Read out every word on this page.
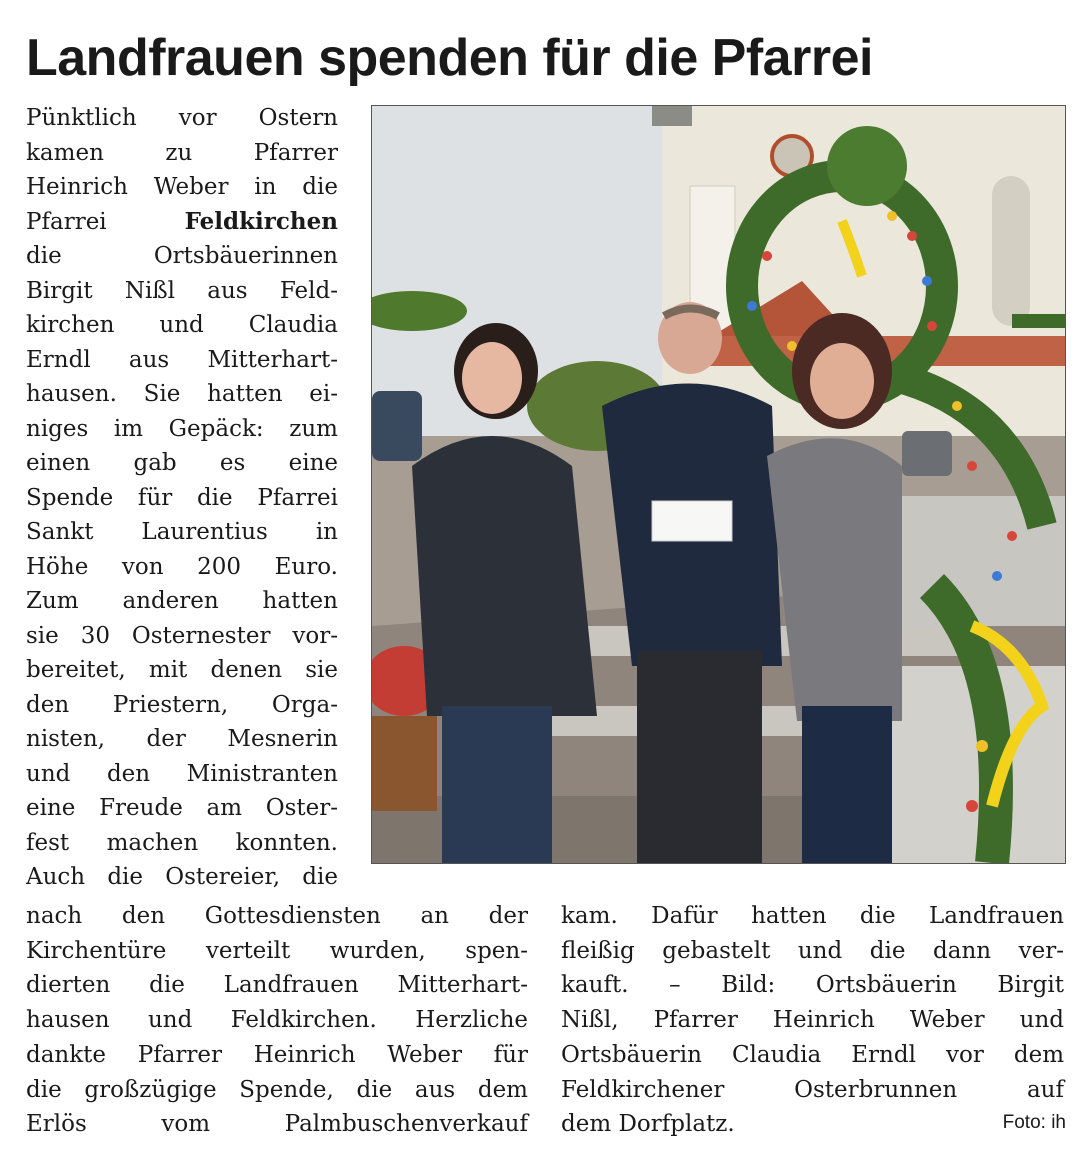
Landfrauen spenden für die Pfarrei
Pünktlich vor Ostern
kamen zu Pfarrer
Heinrich Weber in die
Pfarrei	Feldkirchen
die Ortsbäuerinnen
Birgit Nißl aus Feld-
kirchen und Claudia
Erndl aus Mitterhart-
hausen. Sie hatten ei-
niges im Gepäck: zum
einen gab es eine
Spende für die Pfarrei
Sankt Laurentius in
Höhe von 200 Euro.
Zum anderen hatten
sie 30 Osternester vor-
bereitet, mit denen sie
den Priestern, Orga-
nisten, der Mesnerin
und den Ministranten
eine Freude am Oster-
fest machen konnten.
Auch die Ostereier, die
nach den Gottesdiensten an der
Kirchentüre verteilt wurden, spen-
dierten die Landfrauen Mitterhart-
hausen und Feldkirchen. Herzliche
dankte Pfarrer Heinrich Weber für
die großzügige Spende, die aus dem
Erlös vom Palmbuschenverkauf
kam. Dafür hatten die Landfrauen
fleißig gebastelt und die dann ver-
kauft. – Bild: Ortsbäuerin Birgit
Nißl, Pfarrer Heinrich Weber und
Ortsbäuerin Claudia Erndl vor dem
Feldkirchener Osterbrunnen auf
dem Dorfplatz.	Foto: ih
